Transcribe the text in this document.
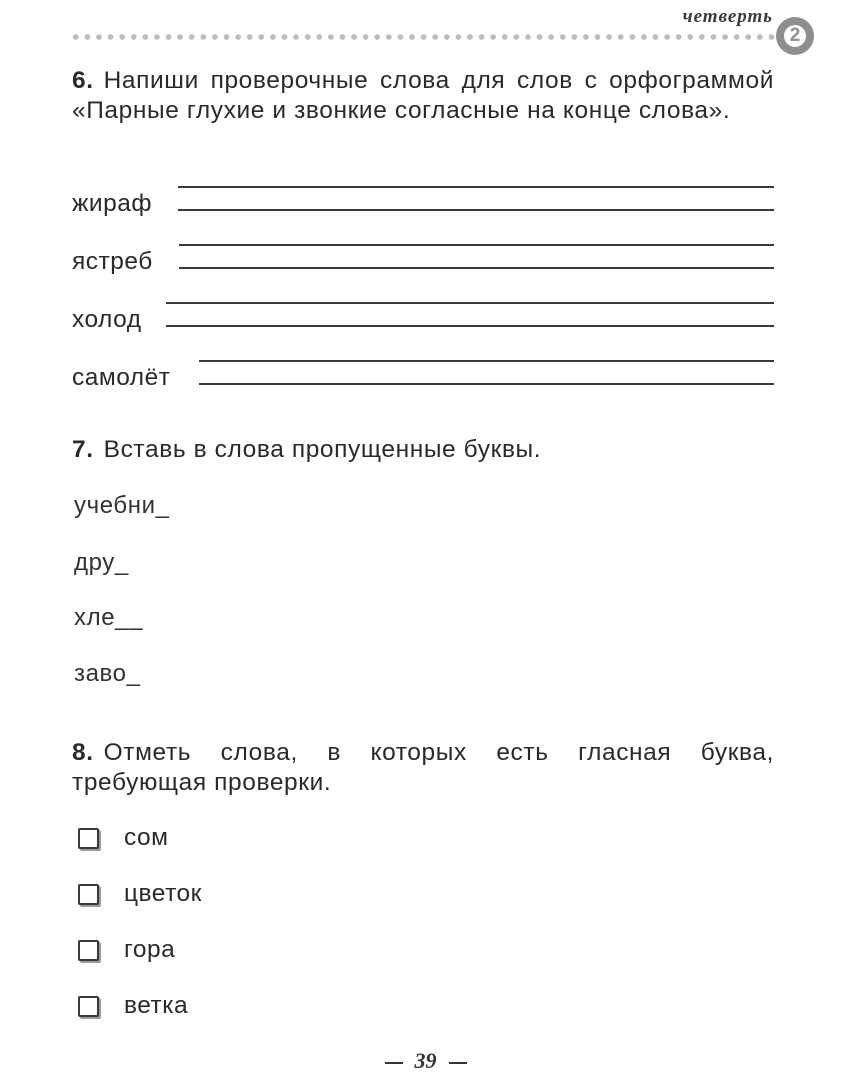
четверть
2
6. Напиши проверочные слова для слов с орфограммой «Парные глухие и звонкие согласные на конце слова».
жираф
ястреб
холод
самолёт
7. Вставь в слова пропущенные буквы.
учебни_
дру_
хле__
заво_
8. Отметь слова, в которых есть гласная буква, требующая проверки.
сом
цветок
гора
ветка
39
